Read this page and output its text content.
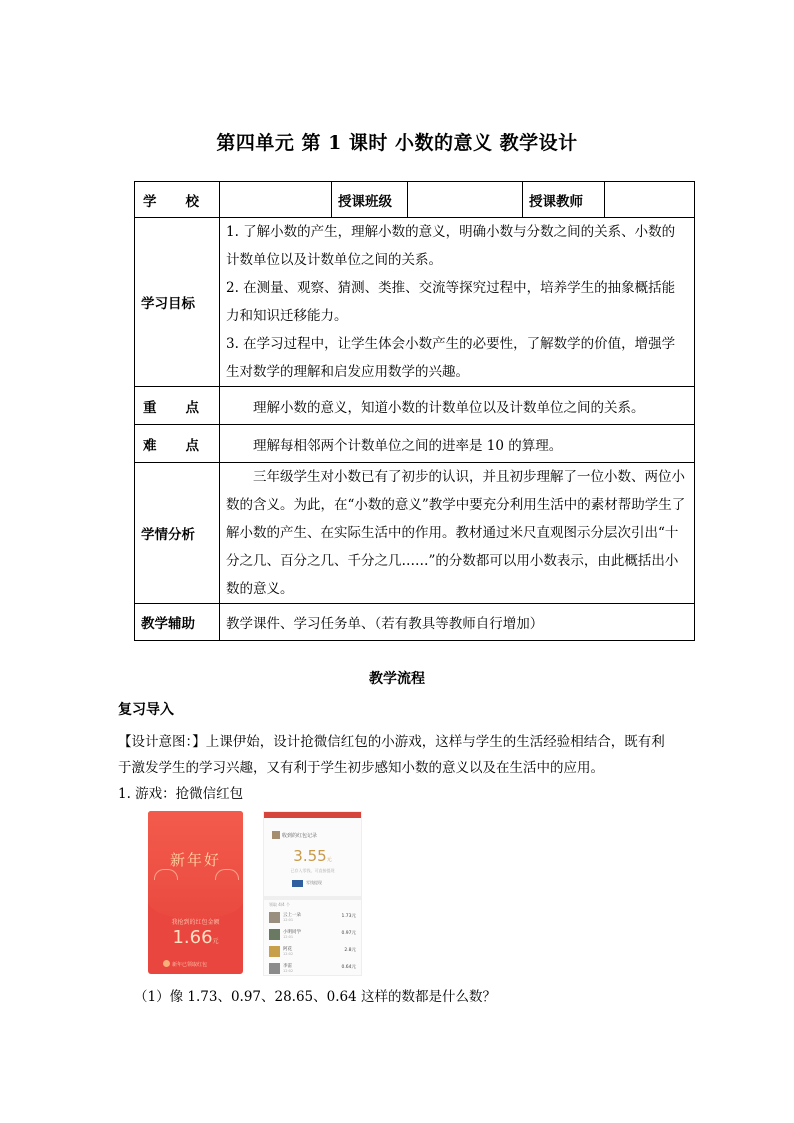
第四单元 第 1 课时 小数的意义 教学设计
学 校		授课班级		授课教师	
学习目标	1. 了解小数的产生，理解小数的意义，明确小数与分数之间的关系、小数的计数单位以及计数单位之间的关系。
2. 在测量、观察、猜测、类推、交流等探究过程中，培养学生的抽象概括能力和知识迁移能力。
3. 在学习过程中，让学生体会小数产生的必要性，了解数学的价值，增强学生对数学的理解和启发应用数学的兴趣。				

重 点	理解小数的意义，知道小数的计数单位以及计数单位之间的关系。				
难 点	理解每相邻两个计数单位之间的进率是 10 的算理。				
学情分析	三年级学生对小数已有了初步的认识，并且初步理解了一位小数、两位小数的含义。为此，在“小数的意义”教学中要充分利用生活中的素材帮助学生了解小数的产生、在实际生活中的作用。教材通过米尺直观图示分层次引出“十分之几、百分之几、千分之几……”的分数都可以用小数表示，由此概括出小数的意义。				
教学辅助	教学课件、学习任务单、（若有教具等教师自行增加）				
教学流程
复习导入
【设计意图：】上课伊始，设计抢微信红包的小游戏，这样与学生的生活经验相结合，既有利于激发学生的学习兴趣，又有利于学生初步感知小数的意义以及在生活中的应用。
1. 游戏：抢微信红包
新年好
我抢到的红包金额
1.66元
新年已领取红包
收到的红包记录
3.55元
已存入零钱，可直接提现
零钱提现
领取 4/4 个
云上一朵
12:01
1.73元
小明同学
12:01
0.97元
阿花
12:02
2.8元
李雷
12:02
0.64元
（1）像 1.73、0.97、28.65、0.64 这样的数都是什么数？
